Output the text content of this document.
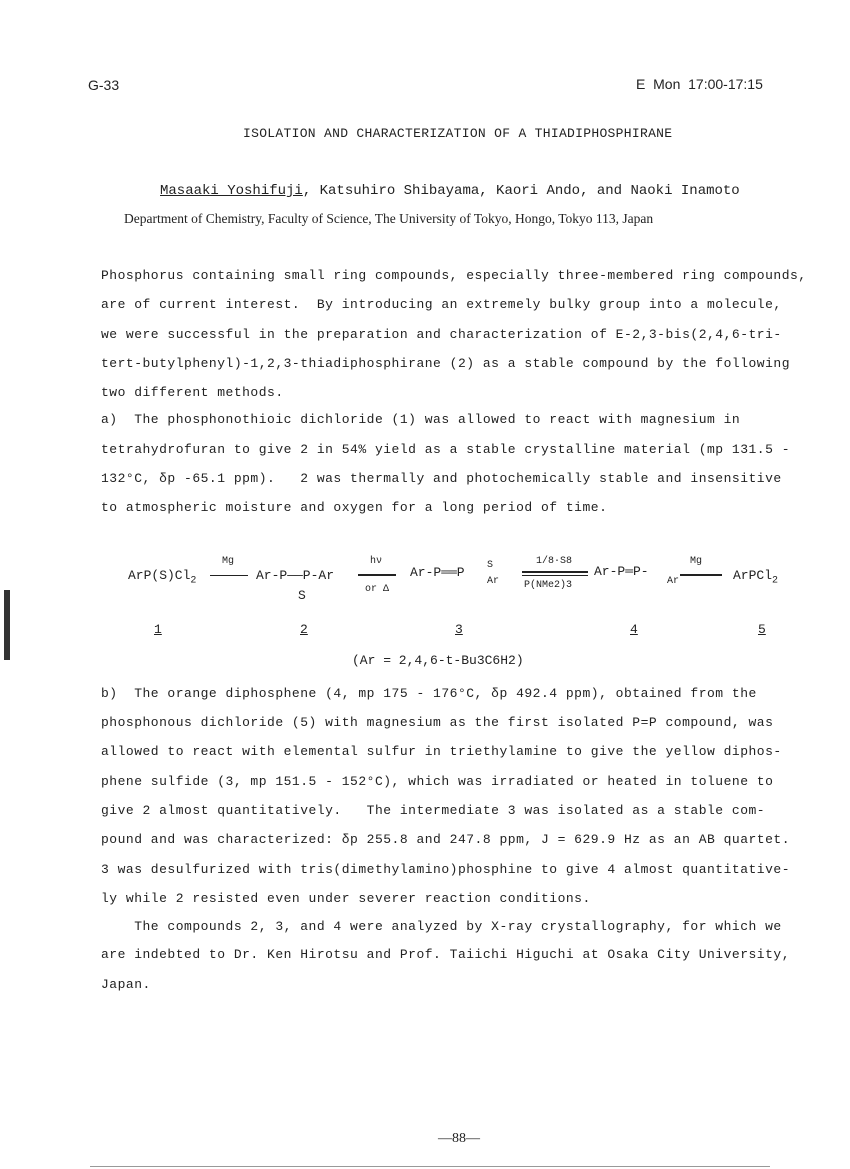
G-33	E  Mon  17:00-17:15
ISOLATION AND CHARACTERIZATION OF A THIADIPHOSPHIRANE
Masaaki Yoshifuji, Katsuhiro Shibayama, Kaori Ando, and Naoki Inamoto
Department of Chemistry, Faculty of Science, The University of Tokyo, Hongo, Tokyo 113, Japan
Phosphorus containing small ring compounds, especially three-membered ring compounds,
are of current interest.  By introducing an extremely bulky group into a molecule,
we were successful in the preparation and characterization of E-2,3-bis(2,4,6-tri-
tert-butylphenyl)-1,2,3-thiadiphosphirane (2) as a stable compound by the following
two different methods.
a)  The phosphonothioic dichloride (1) was allowed to react with magnesium in
tetrahydrofuran to give 2 in 54% yield as a stable crystalline material (mp 131.5 -
132°C, δp -65.1 ppm).   2 was thermally and photochemically stable and insensitive
to atmospheric moisture and oxygen for a long period of time.
$ArP(S)Cl_2$
Mg
Ar-P——P-Ar
S
hν
or Δ
Ar-P══P S
Ar
1/8·S8
P(NMe2)3
Ar-P═P-
Ar
Mg
ArPCl$_2$
1	2	3	4	5
(Ar = 2,4,6-t-Bu3C6H2)
b)  The orange diphosphene (4, mp 175 - 176°C, δp 492.4 ppm), obtained from the
phosphonous dichloride (5) with magnesium as the first isolated P=P compound, was
allowed to react with elemental sulfur in triethylamine to give the yellow diphos-
phene sulfide (3, mp 151.5 - 152°C), which was irradiated or heated in toluene to
give 2 almost quantitatively.   The intermediate 3 was isolated as a stable com-
pound and was characterized: δp 255.8 and 247.8 ppm, J = 629.9 Hz as an AB quartet.
3 was desulfurized with tris(dimethylamino)phosphine to give 4 almost quantitative-
ly while 2 resisted even under severer reaction conditions.
The compounds 2, 3, and 4 were analyzed by X-ray crystallography, for which we
are indebted to Dr. Ken Hirotsu and Prof. Taiichi Higuchi at Osaka City University,
Japan.
—88—
